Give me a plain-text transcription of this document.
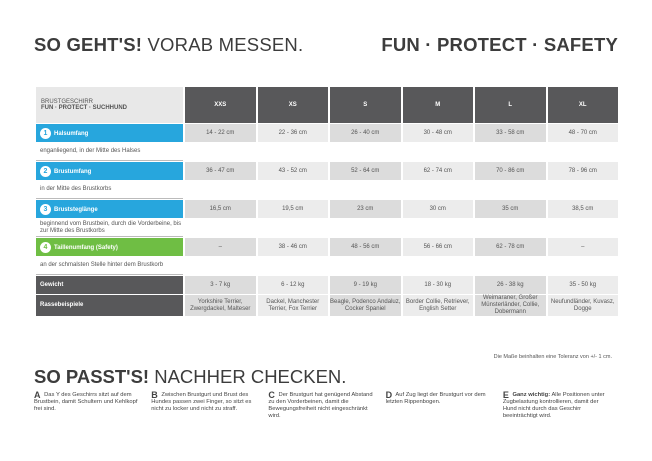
SO GEHT'S! VORAB MESSEN.	FUN · PROTECT · SAFETY
BRUSTGESCHIRR
FUN · PROTECT · SUCHHUND	XXS	XS	S	M	L	XL
1 Halsumfang	14 - 22 cm	22 - 36 cm	26 - 40 cm	30 - 48 cm	33 - 58 cm	48 - 70 cm
enganliegend, in der Mitte des Halses						
2 Brustumfang	36 - 47 cm	43 - 52 cm	52 - 64 cm	62 - 74 cm	70 - 86 cm	78 - 96 cm
in der Mitte des Brustkorbs						
3 Bruststeglänge	16,5 cm	19,5 cm	23 cm	30 cm	35 cm	38,5 cm
beginnend vom Brustbein, durch die Vorderbeine, bis zur Mitte des Brustkorbs						
4 Taillenumfang (Safety)	–	38 - 46 cm	48 - 56 cm	56 - 66 cm	62 - 78 cm	–
an der schmalsten Stelle hinter dem Brustkorb						
Gewicht	3 - 7 kg	6 - 12 kg	9 - 19 kg	18 - 30 kg	26 - 38 kg	35 - 50 kg
Rassebeispiele	Yorkshire Terrier, Zwergdackel, Malteser	Dackel, Manchester Terrier, Fox Terrier	Beagle, Podenco Andaluz, Cocker Spaniel	Border Collie, Retriever, English Setter	Weimaraner, Großer Münsterländer, Collie, Dobermann	Neufundländer, Kuvasz, Dogge
Die Maße beinhalten eine Toleranz von +/- 1 cm.
SO PASST'S! NACHHER CHECKEN.
A Das Y des Geschirrs sitzt auf dem Brustbein, damit Schultern und Kehlkopf frei sind.
B Zwischen Brustgurt und Brust des Hundes passen zwei Finger, so sitzt es nicht zu locker und nicht zu straff.
C Der Brustgurt hat genügend Abstand zu den Vorderbeinen, damit die Bewegungsfreiheit nicht eingeschränkt wird.
D Auf Zug liegt der Brustgurt vor dem letzten Rippenbogen.
E Ganz wichtig: Alle Positionen unter Zugbelastung kontrollieren, damit der Hund nicht durch das Geschirr beeinträchtigt wird.
